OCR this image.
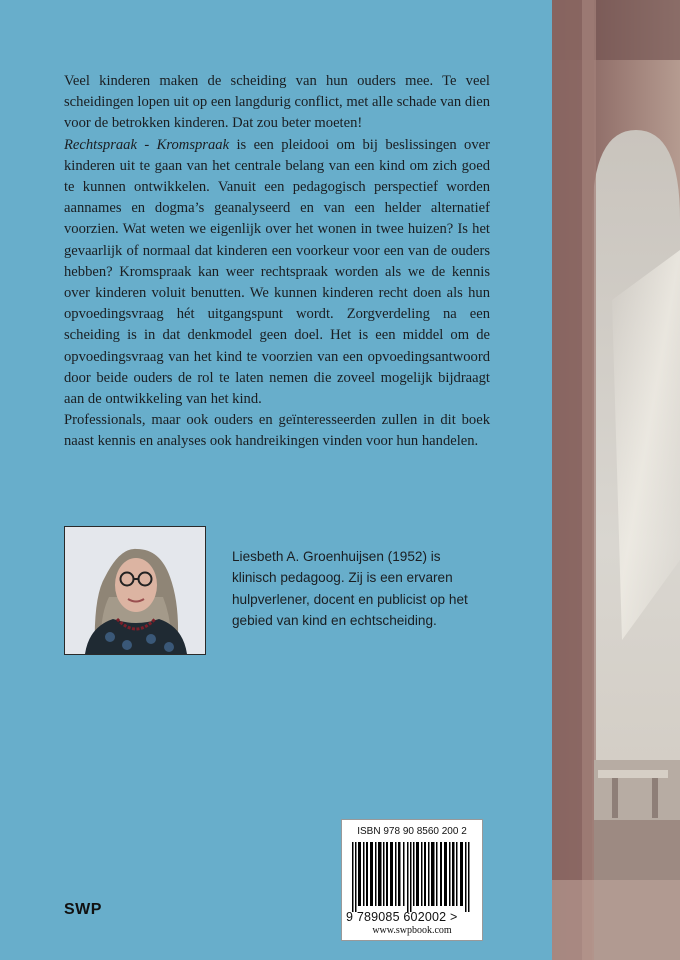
Veel kinderen maken de scheiding van hun ouders mee. Te veel scheidingen lopen uit op een langdurig conflict, met alle schade van dien voor de betrokken kinderen. Dat zou beter moeten!

Rechtspraak - Kromspraak is een pleidooi om bij beslissingen over kinderen uit te gaan van het centrale belang van een kind om zich goed te kunnen ontwikkelen. Vanuit een pedagogisch perspectief worden aannames en dogma’s geanalyseerd en van een helder alternatief voorzien. Wat weten we eigenlijk over het wonen in twee huizen? Is het gevaarlijk of normaal dat kinderen een voorkeur voor een van de ouders hebben? Kromspraak kan weer rechtspraak worden als we de kennis over kinderen voluit benutten. We kunnen kinderen recht doen als hun opvoedingsvraag hét uitgangspunt wordt. Zorgverdeling na een scheiding is in dat denkmodel geen doel. Het is een middel om de opvoedingsvraag van het kind te voorzien van een opvoedingsantwoord door beide ouders de rol te laten nemen die zoveel mogelijk bijdraagt aan de ontwikkeling van het kind.

Professionals, maar ook ouders en geïnteresseerden zullen in dit boek naast kennis en analyses ook handreikingen vinden voor hun handelen.

Liesbeth A. Groenhuijsen (1952) is klinisch pedagoog. Zij is een ervaren hulpverlener, docent en publicist op het gebied van kind en echtscheiding.
SWP
ISBN 978 90 8560 200 2
9 789085 602002 >
www.swpbook.com
